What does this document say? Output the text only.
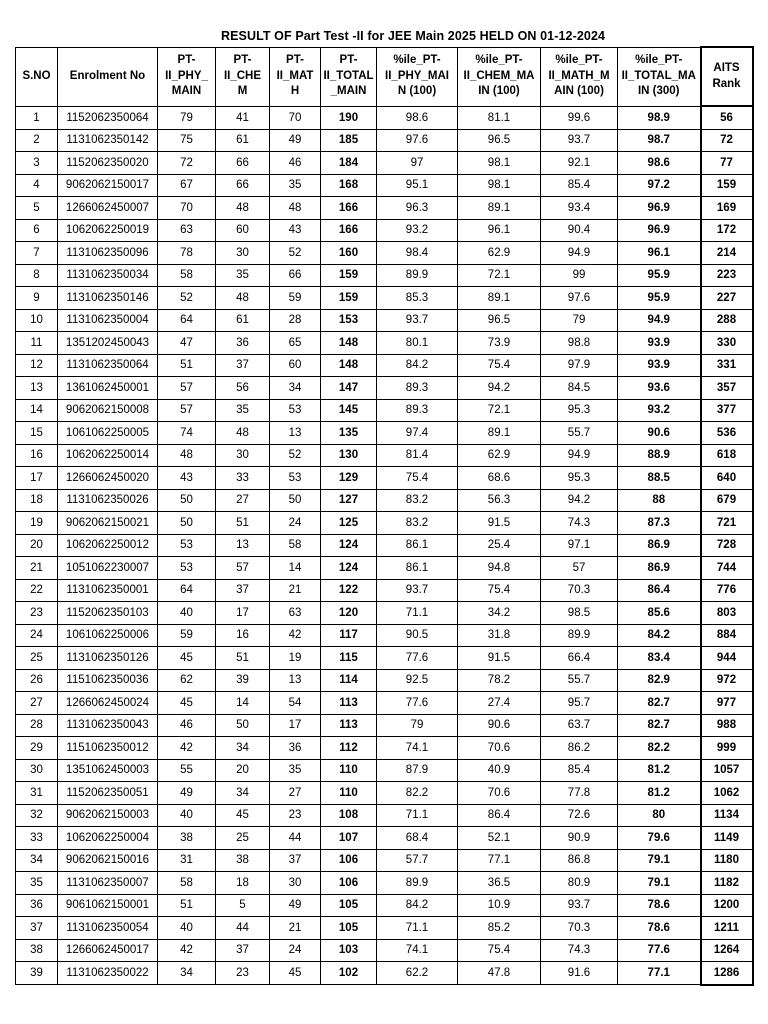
RESULT OF Part Test -II for JEE Main 2025 HELD ON 01-12-2024
S.NO	Enrolment No	PT-
II_PHY_
MAIN	PT-
II_CHE
M	PT-
II_MAT
H	PT-
II_TOTAL
_MAIN	%ile_PT-
II_PHY_MAI
N (100)	%ile_PT-
II_CHEM_MA
IN (100)	%ile_PT-
II_MATH_M
AIN (100)	%ile_PT-
II_TOTAL_MA
IN (300)	AITS
Rank
1	1152062350064	79	41	70	190	98.6	81.1	99.6	98.9	56
2	1131062350142	75	61	49	185	97.6	96.5	93.7	98.7	72
3	1152062350020	72	66	46	184	97	98.1	92.1	98.6	77
4	9062062150017	67	66	35	168	95.1	98.1	85.4	97.2	159
5	1266062450007	70	48	48	166	96.3	89.1	93.4	96.9	169
6	1062062250019	63	60	43	166	93.2	96.1	90.4	96.9	172
7	1131062350096	78	30	52	160	98.4	62.9	94.9	96.1	214
8	1131062350034	58	35	66	159	89.9	72.1	99	95.9	223
9	1131062350146	52	48	59	159	85.3	89.1	97.6	95.9	227
10	1131062350004	64	61	28	153	93.7	96.5	79	94.9	288
11	1351202450043	47	36	65	148	80.1	73.9	98.8	93.9	330
12	1131062350064	51	37	60	148	84.2	75.4	97.9	93.9	331
13	1361062450001	57	56	34	147	89.3	94.2	84.5	93.6	357
14	9062062150008	57	35	53	145	89.3	72.1	95.3	93.2	377
15	1061062250005	74	48	13	135	97.4	89.1	55.7	90.6	536
16	1062062250014	48	30	52	130	81.4	62.9	94.9	88.9	618
17	1266062450020	43	33	53	129	75.4	68.6	95.3	88.5	640
18	1131062350026	50	27	50	127	83.2	56.3	94.2	88	679
19	9062062150021	50	51	24	125	83.2	91.5	74.3	87.3	721
20	1062062250012	53	13	58	124	86.1	25.4	97.1	86.9	728
21	1051062230007	53	57	14	124	86.1	94.8	57	86.9	744
22	1131062350001	64	37	21	122	93.7	75.4	70.3	86.4	776
23	1152062350103	40	17	63	120	71.1	34.2	98.5	85.6	803
24	1061062250006	59	16	42	117	90.5	31.8	89.9	84.2	884
25	1131062350126	45	51	19	115	77.6	91.5	66.4	83.4	944
26	1151062350036	62	39	13	114	92.5	78.2	55.7	82.9	972
27	1266062450024	45	14	54	113	77.6	27.4	95.7	82.7	977
28	1131062350043	46	50	17	113	79	90.6	63.7	82.7	988
29	1151062350012	42	34	36	112	74.1	70.6	86.2	82.2	999
30	1351062450003	55	20	35	110	87.9	40.9	85.4	81.2	1057
31	1152062350051	49	34	27	110	82.2	70.6	77.8	81.2	1062
32	9062062150003	40	45	23	108	71.1	86.4	72.6	80	1134
33	1062062250004	38	25	44	107	68.4	52.1	90.9	79.6	1149
34	9062062150016	31	38	37	106	57.7	77.1	86.8	79.1	1180
35	1131062350007	58	18	30	106	89.9	36.5	80.9	79.1	1182
36	9061062150001	51	5	49	105	84.2	10.9	93.7	78.6	1200
37	1131062350054	40	44	21	105	71.1	85.2	70.3	78.6	1211
38	1266062450017	42	37	24	103	74.1	75.4	74.3	77.6	1264
39	1131062350022	34	23	45	102	62.2	47.8	91.6	77.1	1286
